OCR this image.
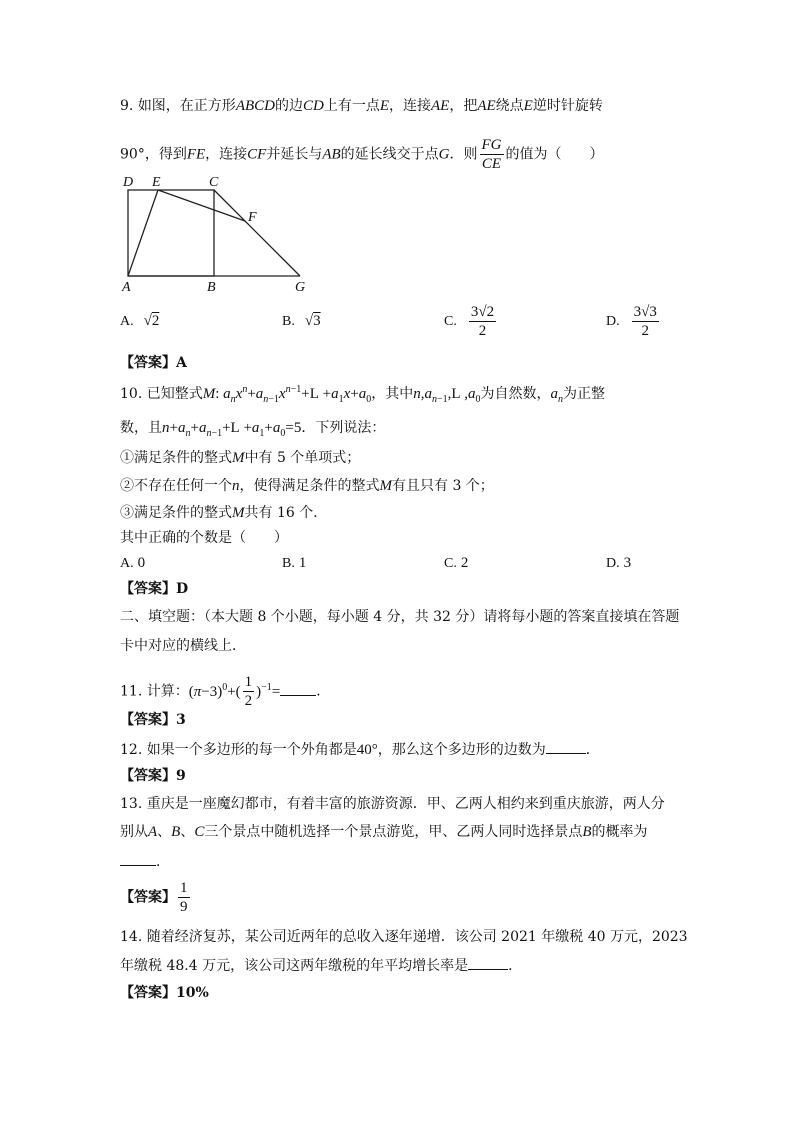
9. 如图，在正方形ABCD的边CD上有一点E，连接AE，把AE绕点E逆时针旋转
90°，得到FE，连接CF并延长与AB的延长线交于点G．则 $\frac{FG}{CE}$ 的值为（　　）
D E	C
F
A	B	G
A. √2	B. √3	C. $\frac{3√2}{2}$	D. $\frac{3√3}{2}$
【答案】A
10. 已知整式M: $a_nx^n+a_{n-1}x^{n-1}+L +a_1x+a_0$，其中$n,a_{n-1},L$ $,a_0$为自然数，$a_n$为正整
数，且$n+a_n+a_{n-1}+L +a_1+a_0=5$．下列说法：
①满足条件的整式M中有 5 个单项式；
②不存在任何一个n，使得满足条件的整式M有且只有 3 个；
③满足条件的整式M共有 16 个．
其中正确的个数是（　　）
A. 0	B. 1	C. 2	D. 3
【答案】D
二、填空题：（本大题 8 个小题，每小题 4 分，共 32 分）请将每小题的答案直接填在答题
卡中对应的横线上．
11. 计算：$(\pi-3)^0+( \frac{1}{2} )^{-1}=$	．
【答案】3
12. 如果一个多边形的每一个外角都是40°，那么这个多边形的边数为	．
【答案】9
13. 重庆是一座魔幻都市，有着丰富的旅游资源．甲、乙两人相约来到重庆旅游，两人分
别从A、B、C三个景点中随机选择一个景点游览，甲、乙两人同时选择景点B的概率为
．
【答案】 $\frac{1}{9}$
14. 随着经济复苏，某公司近两年的总收入逐年递增．该公司 2021 年缴税 40 万元，2023
年缴税 48.4 万元，该公司这两年缴税的年平均增长率是	．
【答案】10%
